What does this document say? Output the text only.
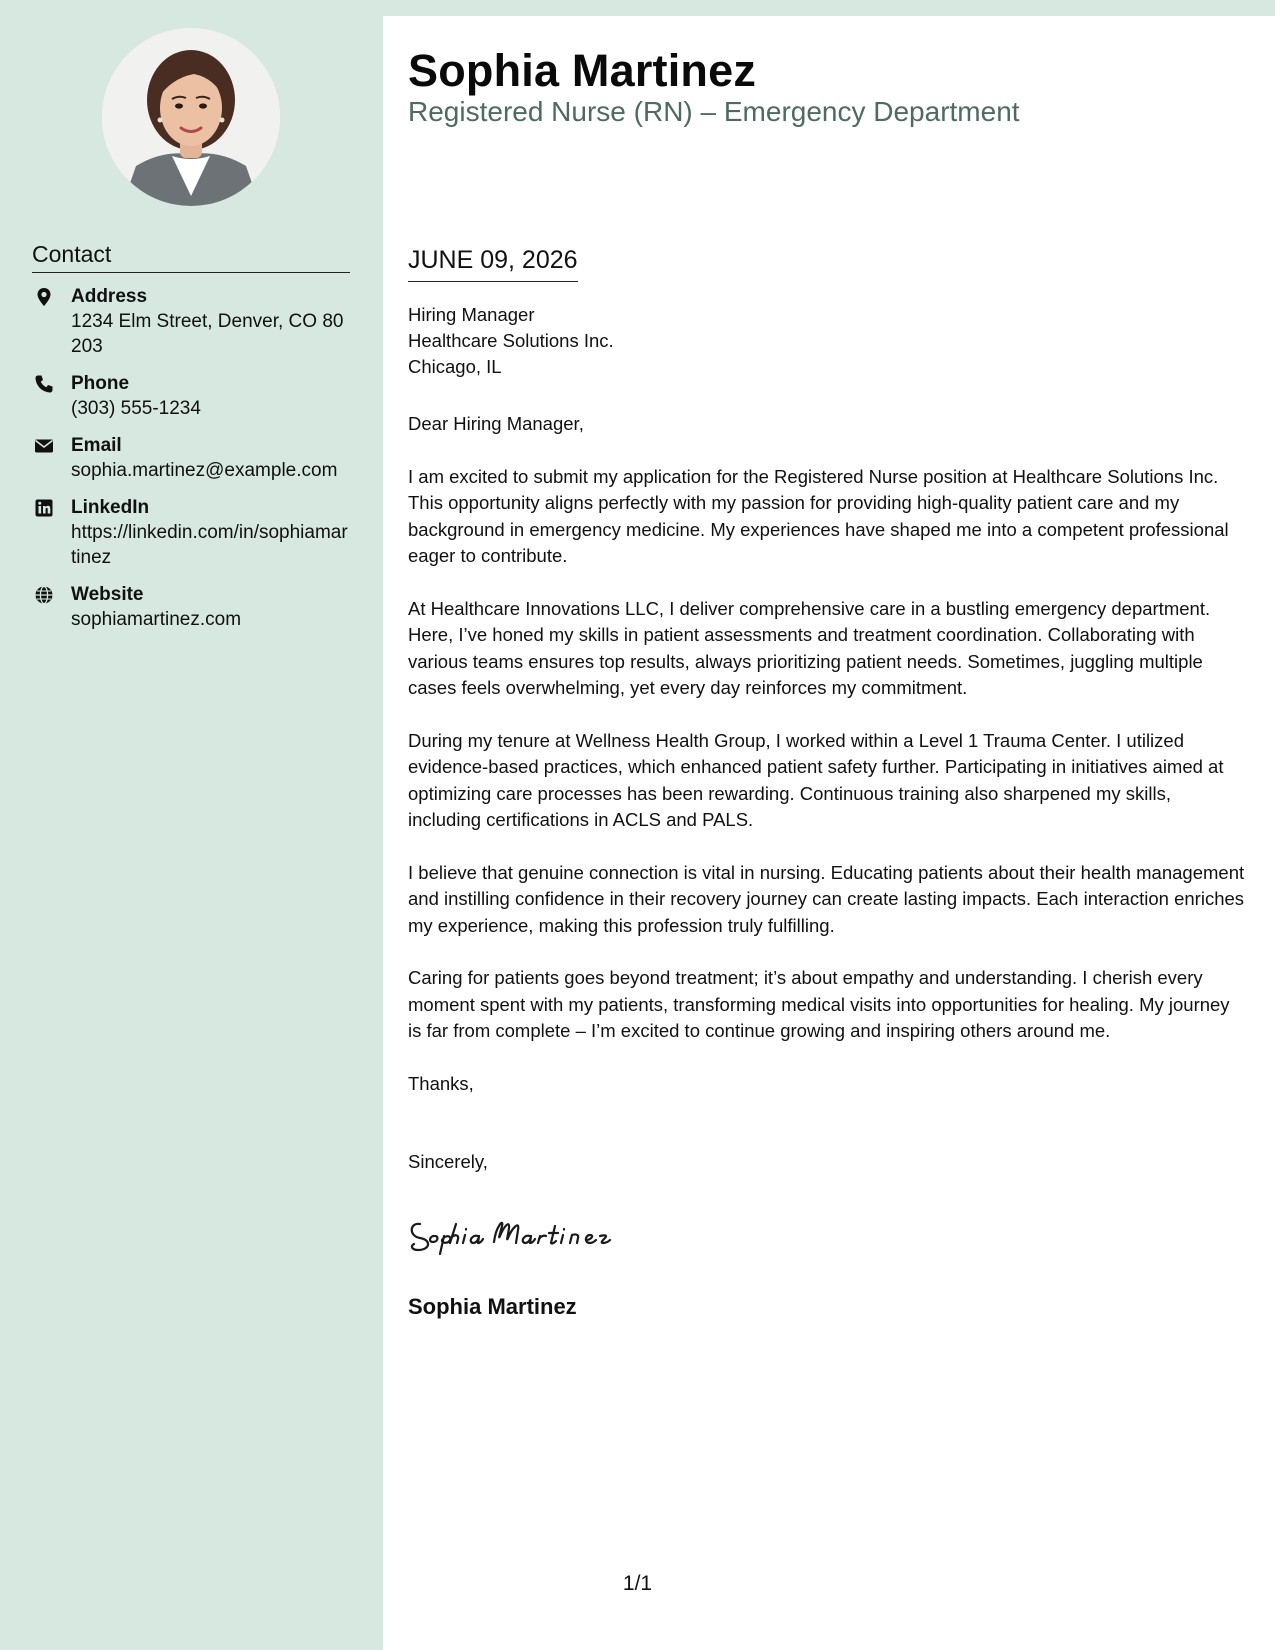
Contact
Address
1234 Elm Street, Denver, CO 80203
Phone
(303) 555-1234
Email
sophia.martinez@example.com
LinkedIn
https://linkedin.com/in/sophiamartinez
Website
sophiamartinez.com
Sophia Martinez
Registered Nurse (RN) – Emergency Department
JUNE 09, 2026
Hiring Manager
Healthcare Solutions Inc.
Chicago, IL

Dear Hiring Manager,

I am excited to submit my application for the Registered Nurse position at Healthcare Solutions Inc. This opportunity aligns perfectly with my passion for providing high-quality patient care and my background in emergency medicine. My experiences have shaped me into a competent professional eager to contribute.

At Healthcare Innovations LLC, I deliver comprehensive care in a bustling emergency department. Here, I’ve honed my skills in patient assessments and treatment coordination. Collaborating with various teams ensures top results, always prioritizing patient needs. Sometimes, juggling multiple cases feels overwhelming, yet every day reinforces my commitment.

During my tenure at Wellness Health Group, I worked within a Level 1 Trauma Center. I utilized evidence-based practices, which enhanced patient safety further. Participating in initiatives aimed at optimizing care processes has been rewarding. Continuous training also sharpened my skills, including certifications in ACLS and PALS.

I believe that genuine connection is vital in nursing. Educating patients about their health management and instilling confidence in their recovery journey can create lasting impacts. Each interaction enriches my experience, making this profession truly fulfilling.

Caring for patients goes beyond treatment; it’s about empathy and understanding. I cherish every moment spent with my patients, transforming medical visits into opportunities for healing. My journey is far from complete – I’m excited to continue growing and inspiring others around me.

Thanks,

Sincerely,

Sophia Martinez
1/1
